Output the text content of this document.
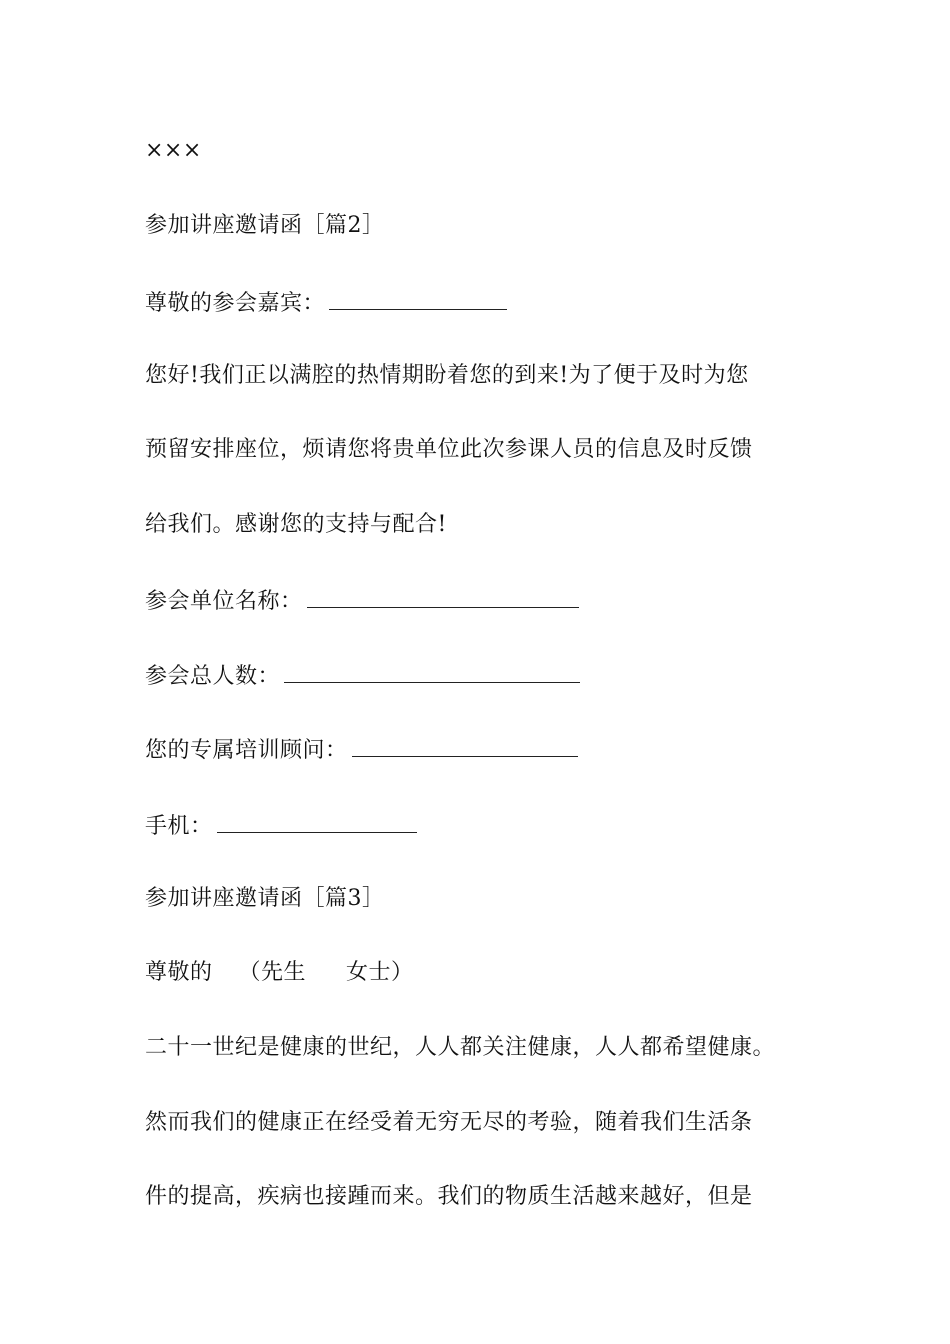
×××
参加讲座邀请函［篇2］
尊敬的参会嘉宾：
您好!我们正以满腔的热情期盼着您的到来!为了便于及时为您
预留安排座位，烦请您将贵单位此次参课人员的信息及时反馈
给我们。感谢您的支持与配合!
参会单位名称：
参会总人数：
您的专属培训顾问：
手机：
参加讲座邀请函［篇3］
尊敬的 （先生 女士）
二十一世纪是健康的世纪，人人都关注健康，人人都希望健康。
然而我们的健康正在经受着无穷无尽的考验，随着我们生活条
件的提高，疾病也接踵而来。我们的物质生活越来越好，但是
